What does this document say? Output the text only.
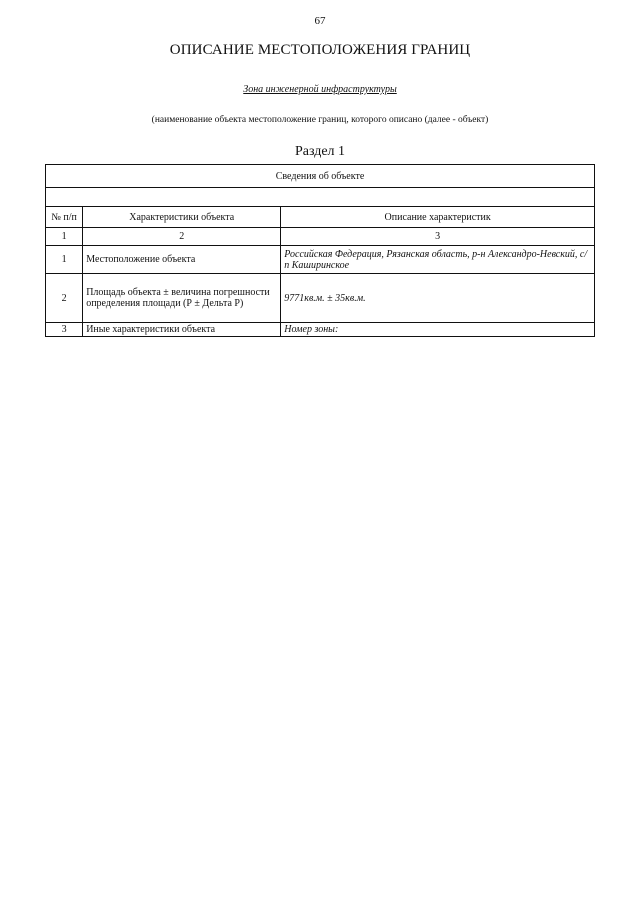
67
ОПИСАНИЕ МЕСТОПОЛОЖЕНИЯ ГРАНИЦ
Зона инженерной инфраструктуры
(наименование объекта местоположение границ, которого описано (далее - объект)
Раздел 1
Сведения об объекте		

№ п/п	Характеристики объекта	Описание характеристик
1	2	3
1	Местоположение объекта	Российская Федерация, Рязанская область, р-н Александро-Невский, с/п Каширинское
2	Площадь объекта ± величина погрешности определения площади (Р ± Дельта Р)	9771кв.м. ± 35кв.м.
3	Иные характеристики объекта	Номер зоны:
